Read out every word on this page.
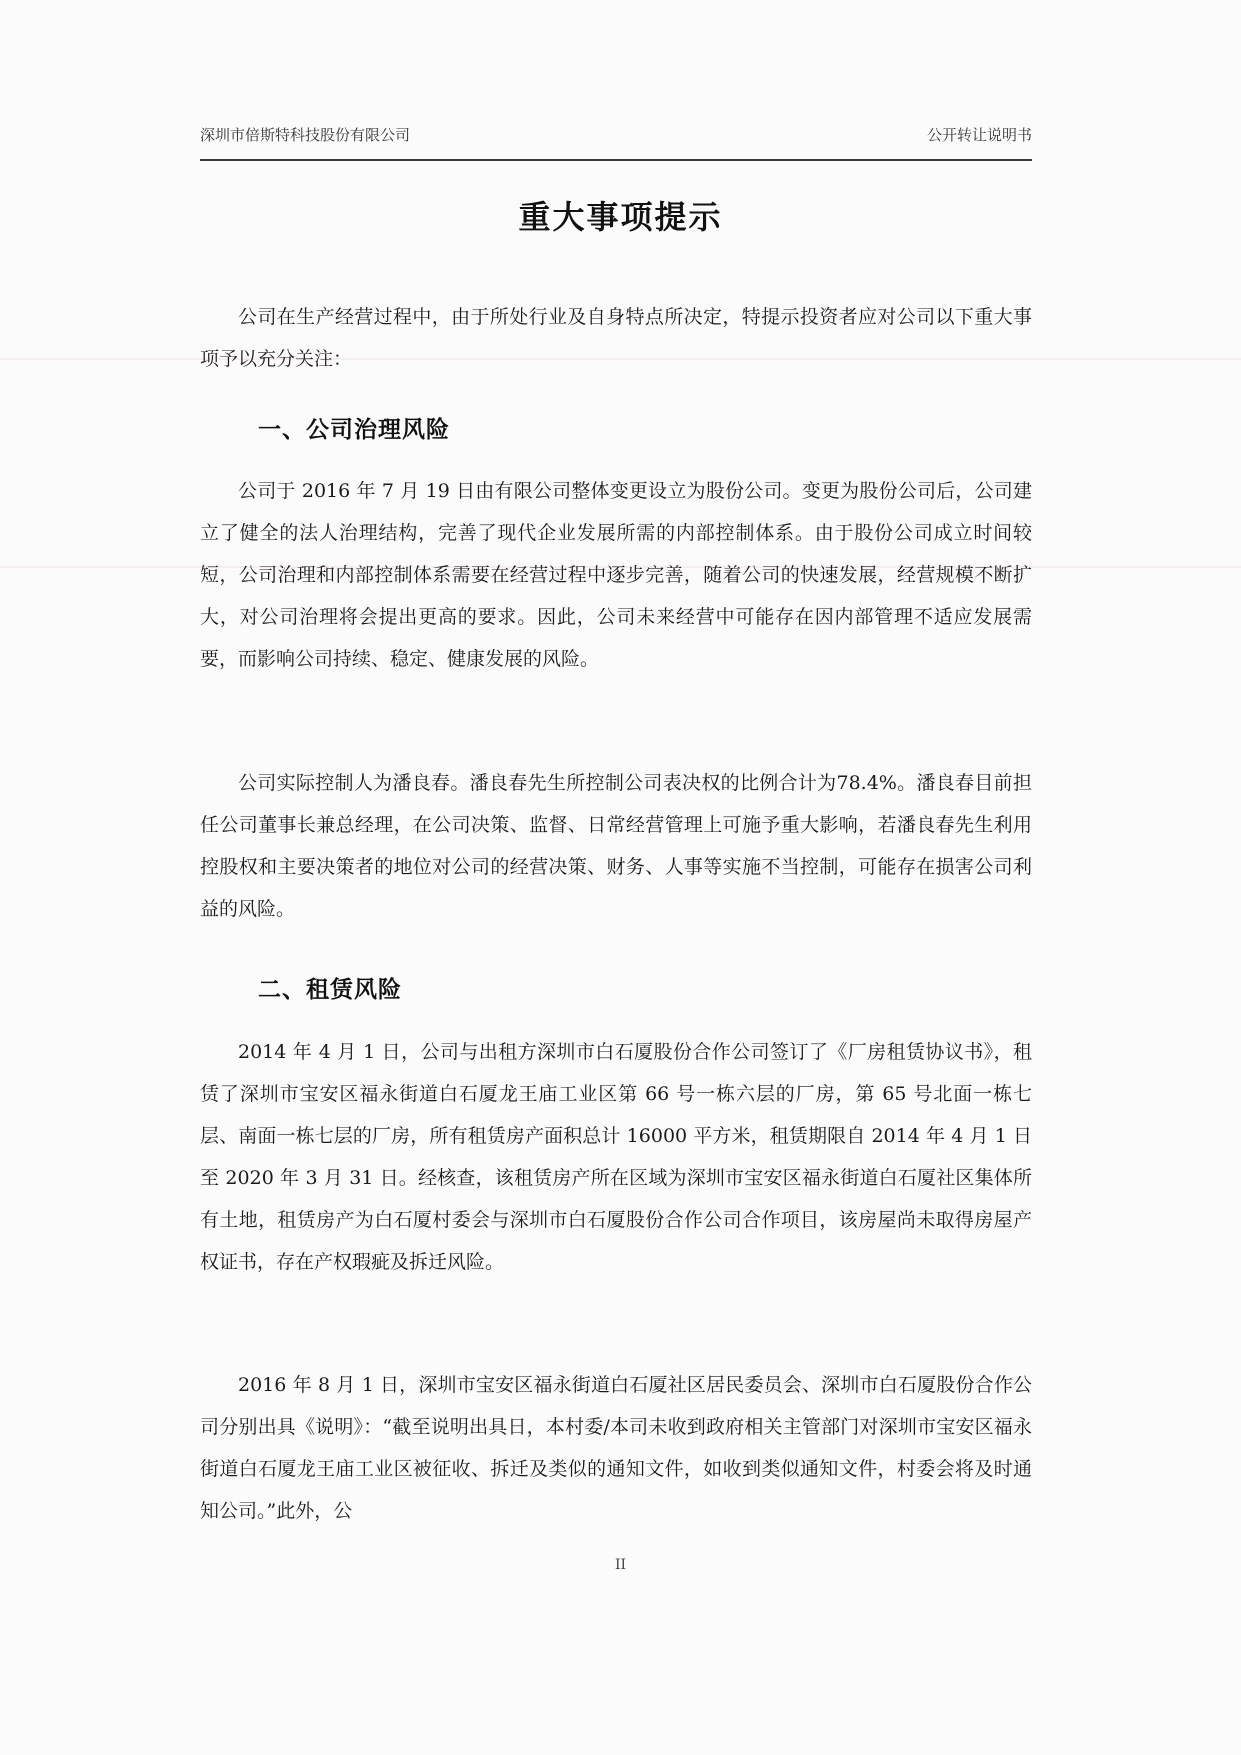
深圳市倍斯特科技股份有限公司	公开转让说明书
重大事项提示
公司在生产经营过程中，由于所处行业及自身特点所决定，特提示投资者应对公司以下重大事项予以充分关注：
一、公司治理风险
公司于 2016 年 7 月 19 日由有限公司整体变更设立为股份公司。变更为股份公司后，公司建立了健全的法人治理结构，完善了现代企业发展所需的内部控制体系。由于股份公司成立时间较短，公司治理和内部控制体系需要在经营过程中逐步完善，随着公司的快速发展，经营规模不断扩大，对公司治理将会提出更高的要求。因此，公司未来经营中可能存在因内部管理不适应发展需要，而影响公司持续、稳定、健康发展的风险。
公司实际控制人为潘良春。潘良春先生所控制公司表决权的比例合计为78.4%。潘良春目前担任公司董事长兼总经理，在公司决策、监督、日常经营管理上可施予重大影响，若潘良春先生利用控股权和主要决策者的地位对公司的经营决策、财务、人事等实施不当控制，可能存在损害公司利益的风险。
二、租赁风险
2014 年 4 月 1 日，公司与出租方深圳市白石厦股份合作公司签订了《厂房租赁协议书》，租赁了深圳市宝安区福永街道白石厦龙王庙工业区第 66 号一栋六层的厂房，第 65 号北面一栋七层、南面一栋七层的厂房，所有租赁房产面积总计 16000 平方米，租赁期限自 2014 年 4 月 1 日至 2020 年 3 月 31 日。经核查，该租赁房产所在区域为深圳市宝安区福永街道白石厦社区集体所有土地，租赁房产为白石厦村委会与深圳市白石厦股份合作公司合作项目，该房屋尚未取得房屋产权证书，存在产权瑕疵及拆迁风险。
2016 年 8 月 1 日，深圳市宝安区福永街道白石厦社区居民委员会、深圳市白石厦股份合作公司分别出具《说明》：“截至说明出具日，本村委/本司未收到政府相关主管部门对深圳市宝安区福永街道白石厦龙王庙工业区被征收、拆迁及类似的通知文件，如收到类似通知文件，村委会将及时通知公司。”此外，公
II
